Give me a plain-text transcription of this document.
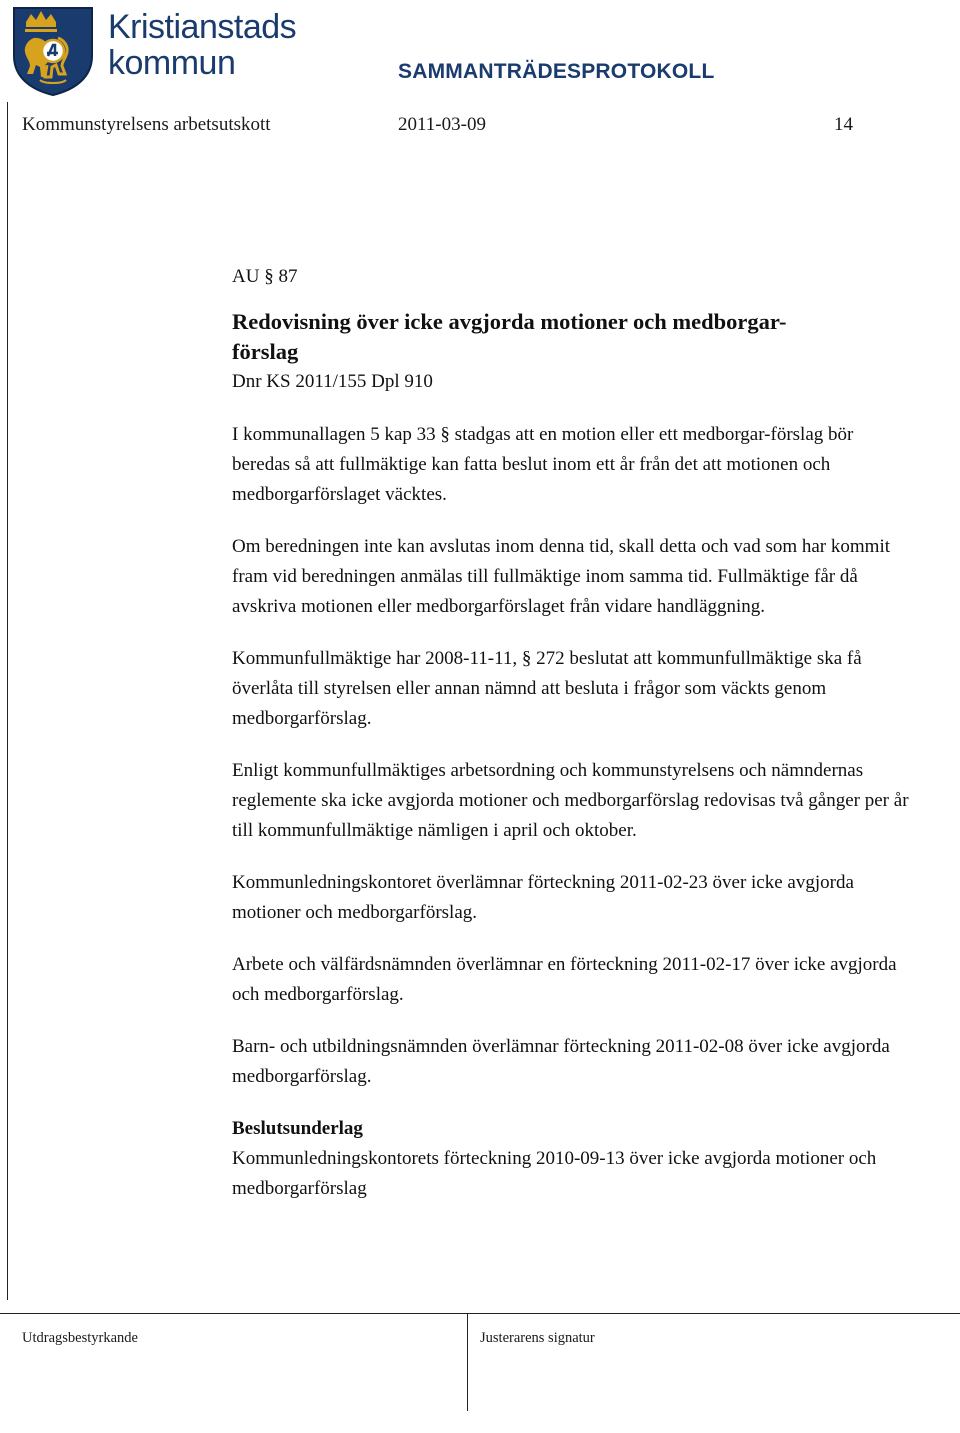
Kristianstads
kommun	SAMMANTRÄDESPROTOKOLL
Kommunstyrelsens arbetsutskott	2011-03-09	14

AU § 87

Redovisning över icke avgjorda motioner och medborgar-

förslag

Dnr KS 2011/155 Dpl 910

I kommunallagen 5 kap 33 § stadgas att en motion eller ett medborgar-förslag bör beredas så att fullmäktige kan fatta beslut inom ett år från det att motionen och medborgarförslaget väcktes.

Om beredningen inte kan avslutas inom denna tid, skall detta och vad som har kommit fram vid beredningen anmälas till fullmäktige inom samma tid. Fullmäktige får då avskriva motionen eller medborgarförslaget från vidare handläggning.

Kommunfullmäktige har 2008-11-11, § 272 beslutat att kommunfullmäktige ska få överlåta till styrelsen eller annan nämnd att besluta i frågor som väckts genom medborgarförslag.

Enligt kommunfullmäktiges arbetsordning och kommunstyrelsens och nämndernas reglemente ska icke avgjorda motioner och medborgarförslag redovisas två gånger per år till kommunfullmäktige nämligen i april och oktober.

Kommunledningskontoret överlämnar förteckning 2011-02-23 över icke avgjorda motioner och medborgarförslag.

Arbete och välfärdsnämnden överlämnar en förteckning 2011-02-17 över icke avgjorda och medborgarförslag.

Barn- och utbildningsnämnden överlämnar förteckning 2011-02-08 över icke avgjorda medborgarförslag.

Beslutsunderlag

Kommunledningskontorets förteckning 2010-09-13 över icke avgjorda motioner och medborgarförslag

Utdragsbestyrkande	Justerarens signatur
